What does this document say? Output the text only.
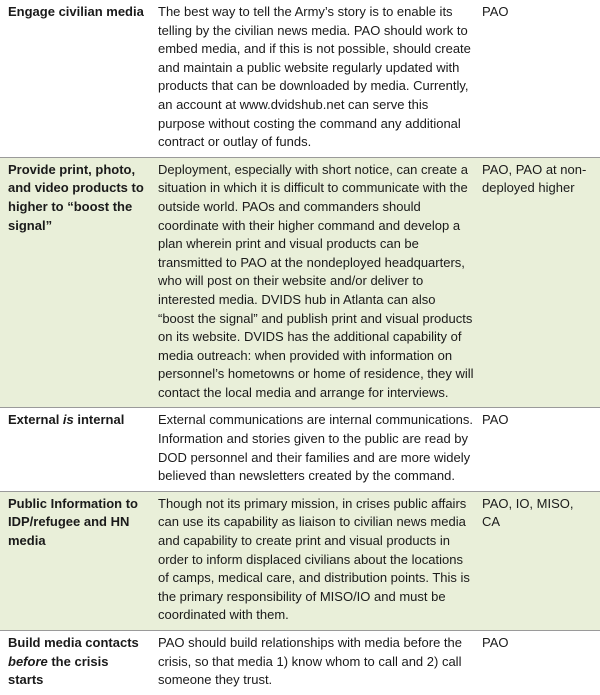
Engage civilian media	The best way to tell the Army’s story is to enable its telling by the civilian news media. PAO should work to embed media, and if this is not possible, should create and maintain a public website regularly updated with products that can be downloaded by media. Currently, an account at www.dvidshub.net can serve this purpose without costing the command any additional contract or outlay of funds.	PAO
Provide print, photo, and video products to higher to “boost the signal”	Deployment, especially with short notice, can create a situation in which it is difficult to communicate with the outside world. PAOs and commanders should coordinate with their higher command and develop a plan wherein print and visual products can be transmitted to PAO at the nondeployed headquarters, who will post on their website and/or deliver to interested media. DVIDS hub in Atlanta can also “boost the signal” and publish print and visual products on its website. DVIDS has the additional capability of media outreach: when provided with information on personnel’s hometowns or home of residence, they will contact the local media and arrange for interviews.	PAO, PAO at non-deployed higher
External is internal	External communications are internal communications. Information and stories given to the public are read by DOD personnel and their families and are more widely believed than newsletters created by the command.	PAO
Public Information to IDP/refugee and HN media	Though not its primary mission, in crises public affairs can use its capability as liaison to civilian news media and capability to create print and visual products in order to inform displaced civilians about the locations of camps, medical care, and distribution points. This is the primary responsibility of MISO/IO and must be coordinated with them.	PAO, IO, MISO, CA
Build media contacts before the crisis starts	PAO should build relationships with media before the crisis, so that media 1) know whom to call and 2) call someone they trust.	PAO
